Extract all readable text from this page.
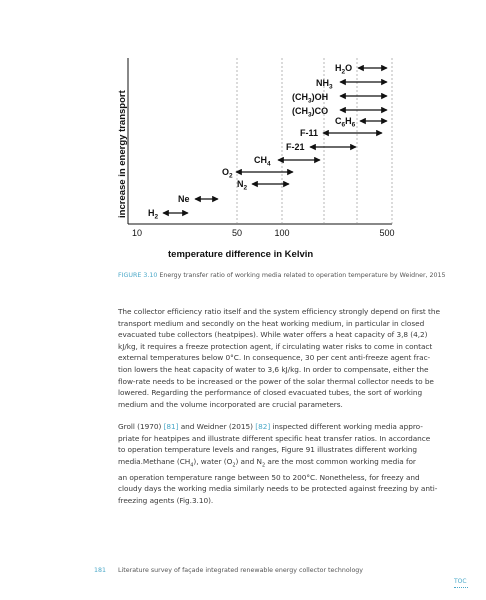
increase in energy transport
10	50	100	500
temperature difference in Kelvin
$H_2O$
$NH_3$
$(CH_3)OH$
$(CH_3)CO$
$C_6H_6$
F-11
F-21
$CH_4$
$O_2$
$N_2$
Ne
$H_2$
FIGURE 3.10 Energy transfer ratio of working media related to operation temperature by Weidner, 2015
The collector efficiency ratio itself and the system efficiency strongly depend on first the
transport medium and secondly on the heat working medium, in particular in closed
evacuated tube collectors (heatpipes). While water offers a heat capacity of 3,8 (4,2)
kJ/kg, it requires a freeze protection agent, if circulating water risks to come in contact
external temperatures below 0°C. In consequence, 30 per cent anti-freeze agent frac-
tion lowers the heat capacity of water to 3,6 kJ/kg. In order to compensate, either the
flow-rate needs to be increased or the power of the solar thermal collector needs to be
lowered. Regarding the performance of closed evacuated tubes, the sort of working
medium and the volume incorporated are crucial parameters.
Groll (1970) [81] and Weidner (2015) [82] inspected different working media appro-
priate for heatpipes and illustrate different specific heat transfer ratios. In accordance
to operation temperature levels and ranges, Figure 91 illustrates different working
media.Methane $(CH_4)$, water $(O_2)$ and $N_2$ are the most common working media for
an operation temperature range between 50 to 200°C. Nonetheless, for freezy and
cloudy days the working media similarly needs to be protected against freezing by anti-
freezing agents (Fig.3.10).
181 Literature survey of façade integrated renewable energy collector technology
TOC
